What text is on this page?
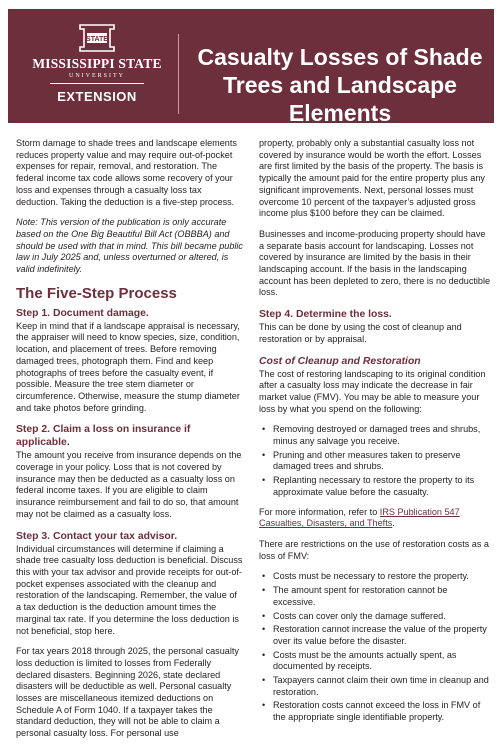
STATE
MISSISSIPPI STATE
UNIVERSITY
EXTENSION
Casualty Losses of Shade
Trees and Landscape Elements

Storm damage to shade trees and landscape elements reduces property value and may require out-of-pocket expenses for repair, removal, and restoration. The federal income tax code allows some recovery of your loss and expenses through a casualty loss tax deduction. Taking the deduction is a five-step process.

Note: This version of the publication is only accurate based on the One Big Beautiful Bill Act (OBBBA) and should be used with that in mind. This bill became public law in July 2025 and, unless overturned or altered, is valid indefinitely.

The Five-Step Process
Step 1. Document damage.

Keep in mind that if a landscape appraisal is necessary, the appraiser will need to know species, size, condition, location, and placement of trees. Before removing damaged trees, photograph them. Find and keep photographs of trees before the casualty event, if possible. Measure the tree stem diameter or circumference. Otherwise, measure the stump diameter and take photos before grinding.

Step 2. Claim a loss on insurance if applicable.

The amount you receive from insurance depends on the coverage in your policy. Loss that is not covered by insurance may then be deducted as a casualty loss on federal income taxes. If you are eligible to claim insurance reimbursement and fail to do so, that amount may not be claimed as a casualty loss.

Step 3. Contact your tax advisor.

Individual circumstances will determine if claiming a shade tree casualty loss deduction is beneficial. Discuss this with your tax advisor and provide receipts for out-of-pocket expenses associated with the cleanup and restoration of the landscaping. Remember, the value of a tax deduction is the deduction amount times the marginal tax rate. If you determine the loss deduction is not beneficial, stop here.

For tax years 2018 through 2025, the personal casualty loss deduction is limited to losses from Federally declared disasters. Beginning 2026, state declared disasters will be deductible as well. Personal casualty losses are miscellaneous itemized deductions on Schedule A of Form 1040. If a taxpayer takes the standard deduction, they will not be able to claim a personal casualty loss. For personal use

property, probably only a substantial casualty loss not covered by insurance would be worth the effort. Losses are first limited by the basis of the property. The basis is typically the amount paid for the entire property plus any significant improvements. Next, personal losses must overcome 10 percent of the taxpayer’s adjusted gross income plus $100 before they can be claimed.

Businesses and income-producing property should have a separate basis account for landscaping. Losses not covered by insurance are limited by the basis in their landscaping account. If the basis in the landscaping account has been depleted to zero, there is no deductible loss.

Step 4. Determine the loss.

This can be done by using the cost of cleanup and restoration or by appraisal.

Cost of Cleanup and Restoration

The cost of restoring landscaping to its original condition after a casualty loss may indicate the decrease in fair market value (FMV). You may be able to measure your loss by what you spend on the following:

• Removing destroyed or damaged trees and shrubs, minus any salvage you receive.
• Pruning and other measures taken to preserve damaged trees and shrubs.
• Replanting necessary to restore the property to its approximate value before the casualty.

For more information, refer to IRS Publication 547 Casualties, Disasters, and Thefts.

There are restrictions on the use of restoration costs as a loss of FMV:

• Costs must be necessary to restore the property.
• The amount spent for restoration cannot be excessive.
• Costs can cover only the damage suffered.
• Restoration cannot increase the value of the property over its value before the disaster.
• Costs must be the amounts actually spent, as documented by receipts.
• Taxpayers cannot claim their own time in cleanup and restoration.
• Restoration costs cannot exceed the loss in FMV of the appropriate single identifiable property.
